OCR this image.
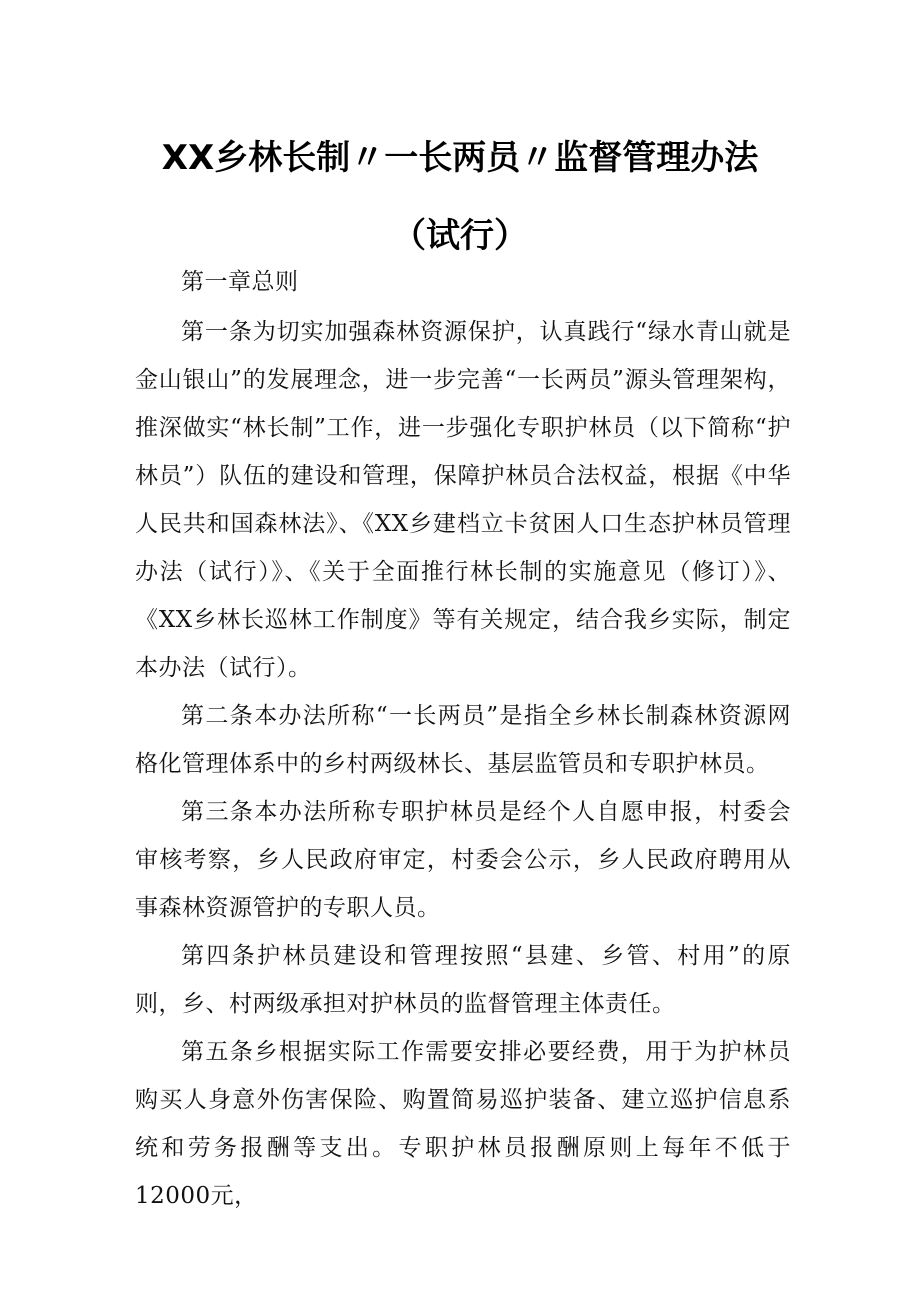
XX乡林长制〃一长两员〃监督管理办法
（试行）

第一章总则

第一条为切实加强森林资源保护，认真践行“绿水青山就是金山银山”的发展理念，进一步完善“一长两员”源头管理架构，推深做实“林长制”工作，进一步强化专职护林员（以下简称“护林员”）队伍的建设和管理，保障护林员合法权益，根据《中华人民共和国森林法》、《XX乡建档立卡贫困人口生态护林员管理办法（试行）》、《关于全面推行林长制的实施意见（修订）》、《XX乡林长巡林工作制度》等有关规定，结合我乡实际，制定本办法（试行）。

第二条本办法所称“一长两员”是指全乡林长制森林资源网格化管理体系中的乡村两级林长、基层监管员和专职护林员。

第三条本办法所称专职护林员是经个人自愿申报，村委会审核考察，乡人民政府审定，村委会公示，乡人民政府聘用从事森林资源管护的专职人员。

第四条护林员建设和管理按照“县建、乡管、村用”的原则，乡、村两级承担对护林员的监督管理主体责任。

第五条乡根据实际工作需要安排必要经费，用于为护林员购买人身意外伤害保险、购置简易巡护装备、建立巡护信息系统和劳务报酬等支出。专职护林员报酬原则上每年不低于12000元，
